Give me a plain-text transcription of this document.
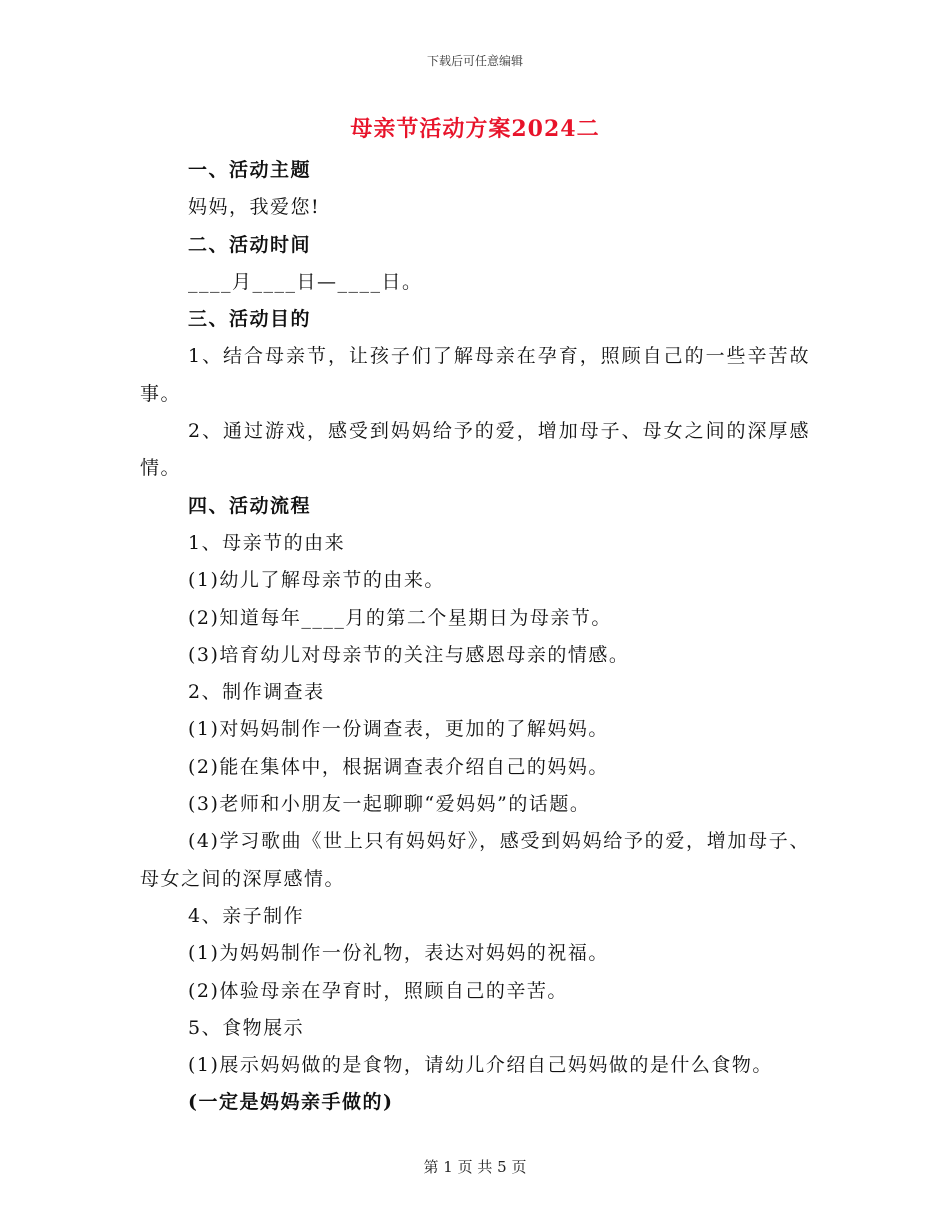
下载后可任意编辑
母亲节活动方案2024二
一、活动主题
妈妈，我爱您!
二、活动时间
____月____日—____日。
三、活动目的
1、结合母亲节，让孩子们了解母亲在孕育，照顾自己的一些辛苦故事。
2、通过游戏，感受到妈妈给予的爱，增加母子、母女之间的深厚感情。
四、活动流程
1、母亲节的由来
(1)幼儿了解母亲节的由来。
(2)知道每年____月的第二个星期日为母亲节。
(3)培育幼儿对母亲节的关注与感恩母亲的情感。
2、制作调查表
(1)对妈妈制作一份调查表，更加的了解妈妈。
(2)能在集体中，根据调查表介绍自己的妈妈。
(3)老师和小朋友一起聊聊“爱妈妈”的话题。
(4)学习歌曲《世上只有妈妈好》，感受到妈妈给予的爱，增加母子、母女之间的深厚感情。
4、亲子制作
(1)为妈妈制作一份礼物，表达对妈妈的祝福。
(2)体验母亲在孕育时，照顾自己的辛苦。
5、食物展示
(1)展示妈妈做的是食物，请幼儿介绍自己妈妈做的是什么食物。
(一定是妈妈亲手做的)
第 1 页 共 5 页
